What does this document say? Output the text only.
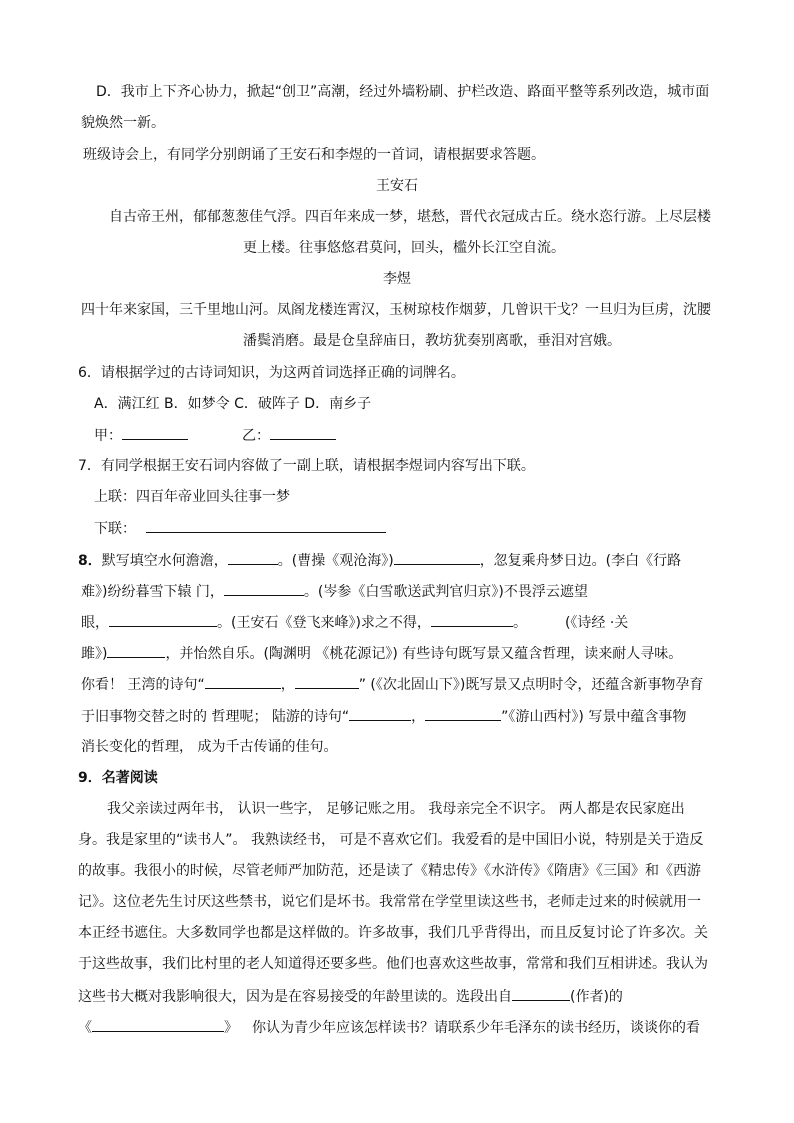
D．我市上下齐心协力，掀起“创卫”高潮，经过外墙粉刷、护栏改造、路面平整等系列改造，城市面
貌焕然一新。
班级诗会上，有同学分别朗诵了王安石和李煜的一首词，请根据要求答题。
王安石
自古帝王州，郁郁葱葱佳气浮。四百年来成一梦，堪愁，晋代衣冠成古丘。绕水恣行游。上尽层楼
更上楼。往事悠悠君莫问，回头，槛外长江空自流。
李煜
四十年来家国，三千里地山河。凤阁龙楼连霄汉，玉树琼枝作烟萝，几曾识干戈？一旦归为巨虏，沈腰
潘鬓消磨。最是仓皇辞庙日，教坊犹奏别离歌，垂泪对宫娥。
6．请根据学过的古诗词知识，为这两首词选择正确的词牌名。
A．满江红 B．如梦令 C．破阵子 D．南乡子
甲：	乙：
7．有同学根据王安石词内容做了一副上联，请根据李煜词内容写出下联。
上联：四百年帝业回头往事一梦
下联：
8．默写填空水何澹澹，	。(曹操《观沧海》)	，忽复乘舟梦日边。(李白《行路
难》)纷纷暮雪下辕 门，	。(岑参《白雪歌送武判官归京》)不畏浮云遮望
眼，	。(王安石《登飞来峰》)求之不得，	。	(《诗经 ·关
雎》)	，并怡然自乐。(陶渊明 《桃花源记》) 有些诗句既写景又蕴含哲理，读来耐人寻味。
你看！ 王湾的诗句“	，	” (《次北固山下》)既写景又点明时令，还蕴含新事物孕育
于旧事物交替之时的 哲理呢； 陆游的诗句“	，	”《游山西村》) 写景中蕴含事物
消长变化的哲理， 成为千古传诵的佳句。
9．名著阅读
我父亲读过两年书， 认识一些字， 足够记账之用。 我母亲完全不识字。 两人都是农民家庭出
身。我是家里的“读书人”。 我熟读经书， 可是不喜欢它们。我爱看的是中国旧小说，特别是关于造反
的故事。我很小的时候，尽管老师严加防范，还是读了《精忠传》《水浒传》《隋唐》《三国》和《西游
记》。这位老先生讨厌这些禁书，说它们是坏书。我常常在学堂里读这些书，老师走过来的时候就用一
本正经书遮住。大多数同学也都是这样做的。许多故事，我们几乎背得出，而且反复讨论了许多次。关
于这些故事，我们比村里的老人知道得还要多些。他们也喜欢这些故事，常常和我们互相讲述。我认为
这些书大概对我影响很大，因为是在容易接受的年龄里读的。选段出自	(作者)的
《	》 你认为青少年应该怎样读书？请联系少年毛泽东的读书经历，谈谈你的看
